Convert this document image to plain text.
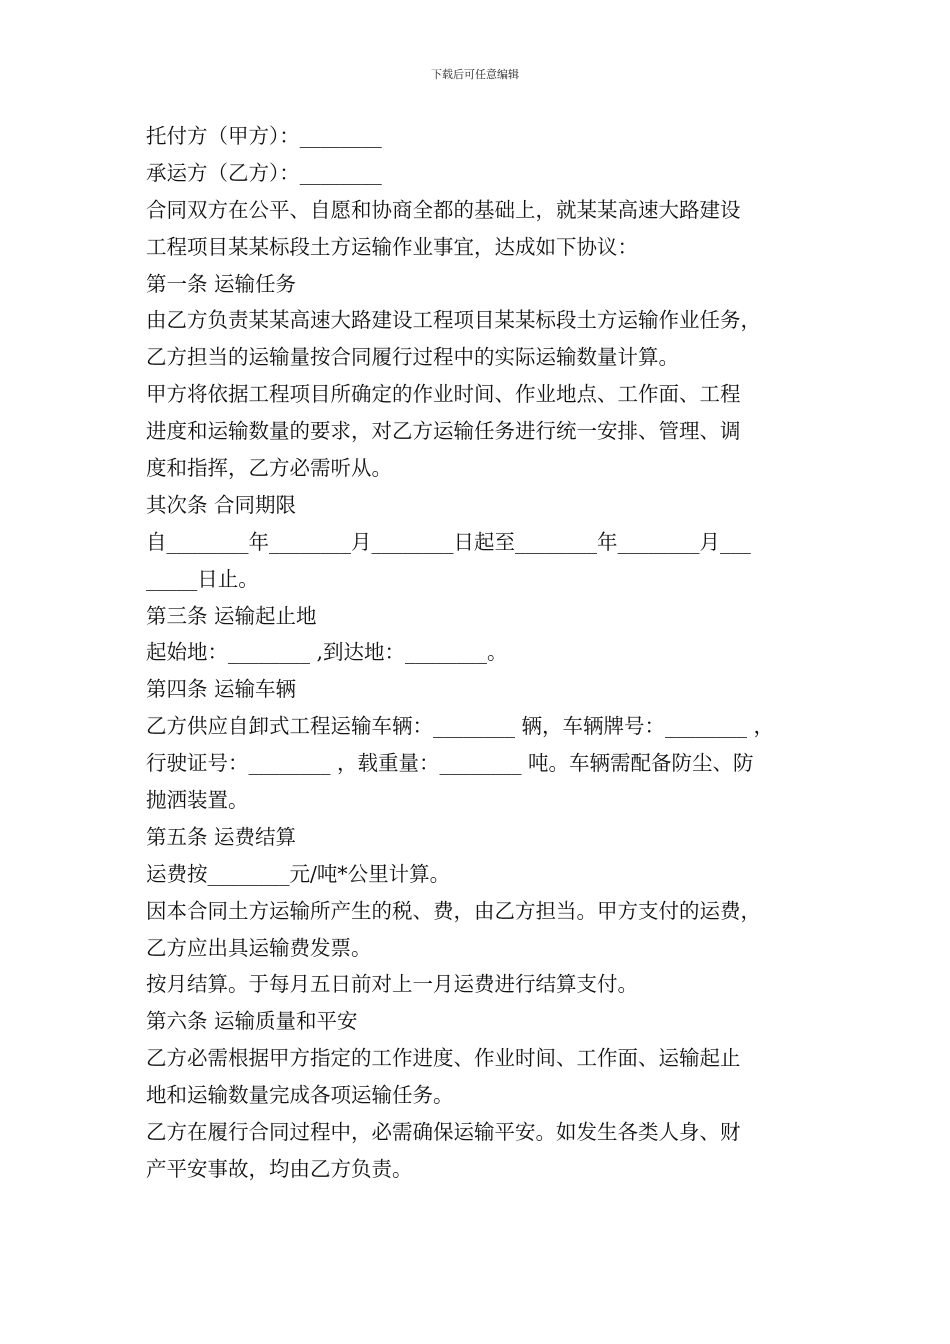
下载后可任意编辑
托付方（甲方）：________
承运方（乙方）：________
合同双方在公平、自愿和协商全都的基础上，就某某高速大路建设
工程项目某某标段土方运输作业事宜，达成如下协议：
第一条 运输任务
由乙方负责某某高速大路建设工程项目某某标段土方运输作业任务，
乙方担当的运输量按合同履行过程中的实际运输数量计算。
甲方将依据工程项目所确定的作业时间、作业地点、工作面、工程
进度和运输数量的要求，对乙方运输任务进行统一安排、管理、调
度和指挥，乙方必需听从。
其次条 合同期限
自________年________月________日起至________年________月___
_____日止。
第三条 运输起止地
起始地：________ ,到达地：________。
第四条 运输车辆
乙方供应自卸式工程运输车辆：________ 辆，车辆牌号：________ ，
行驶证号：________ ，载重量：________ 吨。车辆需配备防尘、防
抛洒装置。
第五条 运费结算
运费按________元/吨*公里计算。
因本合同土方运输所产生的税、费，由乙方担当。甲方支付的运费，
乙方应出具运输费发票。
按月结算。于每月五日前对上一月运费进行结算支付。
第六条 运输质量和平安
乙方必需根据甲方指定的工作进度、作业时间、工作面、运输起止
地和运输数量完成各项运输任务。
乙方在履行合同过程中，必需确保运输平安。如发生各类人身、财
产平安事故，均由乙方负责。
